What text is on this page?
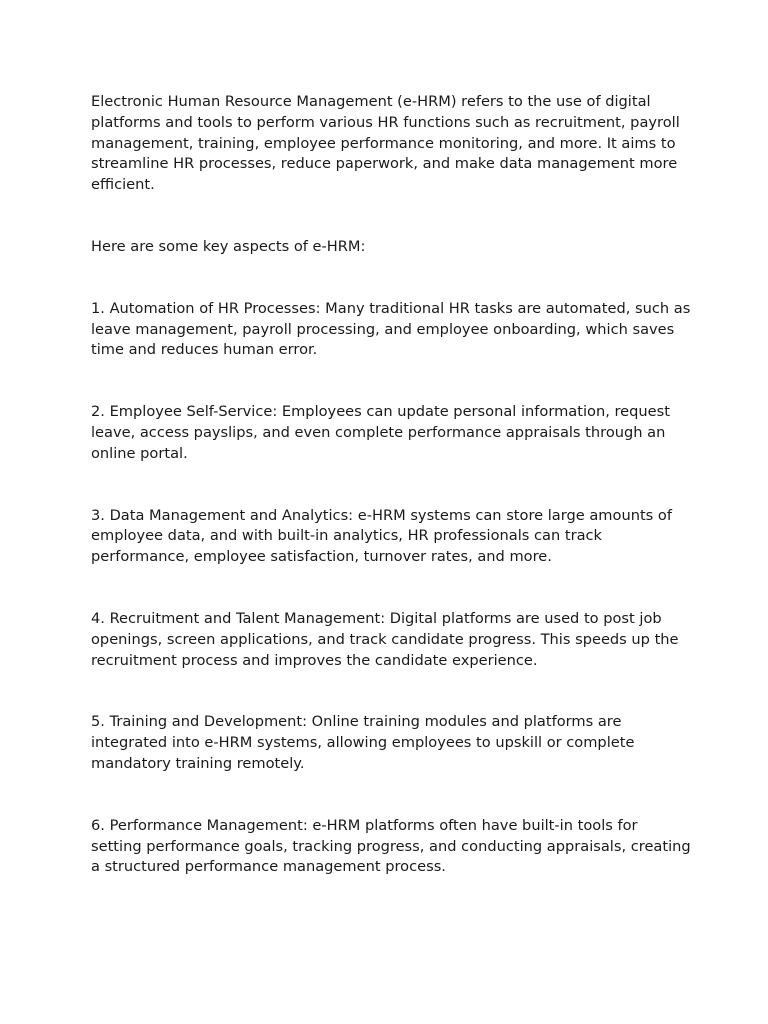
Electronic Human Resource Management (e-HRM) refers to the use of digital platforms and tools to perform various HR functions such as recruitment, payroll management, training, employee performance monitoring, and more. It aims to streamline HR processes, reduce paperwork, and make data management more efficient.

Here are some key aspects of e-HRM:

1. Automation of HR Processes: Many traditional HR tasks are automated, such as leave management, payroll processing, and employee onboarding, which saves time and reduces human error.

2. Employee Self-Service: Employees can update personal information, request leave, access payslips, and even complete performance appraisals through an online portal.

3. Data Management and Analytics: e-HRM systems can store large amounts of employee data, and with built-in analytics, HR professionals can track performance, employee satisfaction, turnover rates, and more.

4. Recruitment and Talent Management: Digital platforms are used to post job openings, screen applications, and track candidate progress. This speeds up the recruitment process and improves the candidate experience.

5. Training and Development: Online training modules and platforms are integrated into e-HRM systems, allowing employees to upskill or complete mandatory training remotely.

6. Performance Management: e-HRM platforms often have built-in tools for setting performance goals, tracking progress, and conducting appraisals, creating a structured performance management process.
